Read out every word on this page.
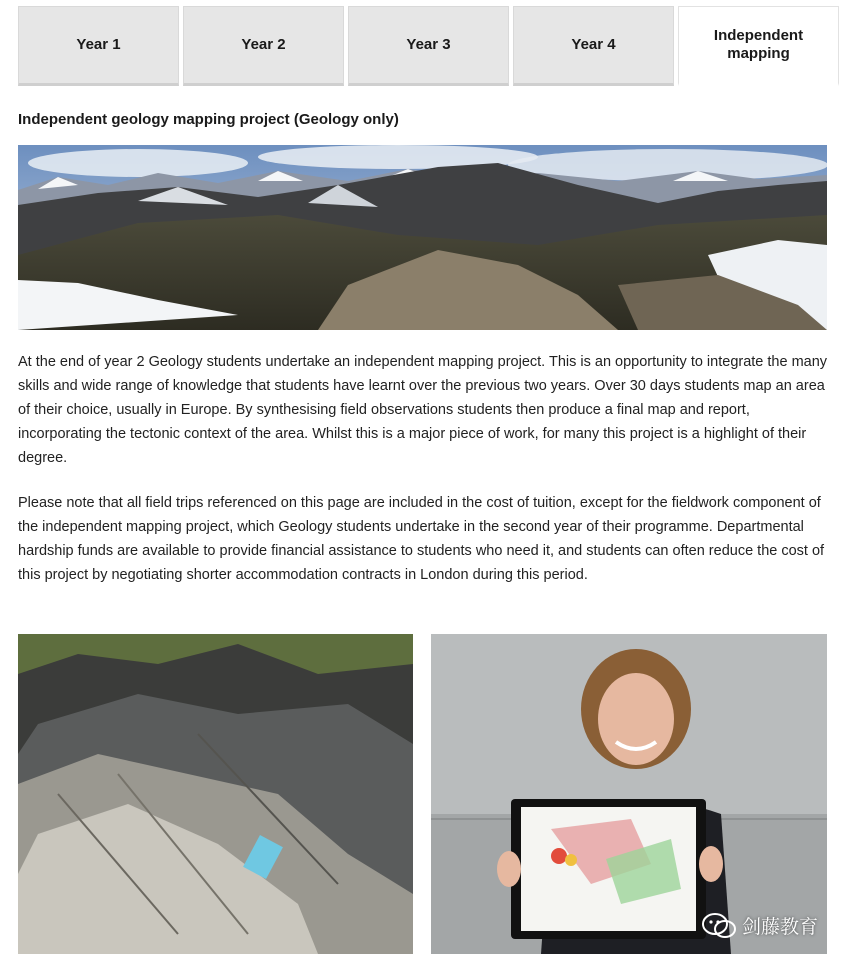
Year 1	Year 2	Year 3	Year 4
Independent mapping
Independent geology mapping project (Geology only)

At the end of year 2 Geology students undertake an independent mapping project. This is an opportunity to integrate the many skills and wide range of knowledge that students have learnt over the previous two years. Over 30 days students map an area of their choice, usually in Europe. By synthesising field observations students then produce a final map and report, incorporating the tectonic context of the area. Whilst this is a major piece of work, for many this project is a highlight of their degree.

Please note that all field trips referenced on this page are included in the cost of tuition, except for the fieldwork component of the independent mapping project, which Geology students undertake in the second year of their programme. Departmental hardship funds are available to provide financial assistance to students who need it, and students can often reduce the cost of this project by negotiating shorter accommodation contracts in London during this period.

剑藤教育
